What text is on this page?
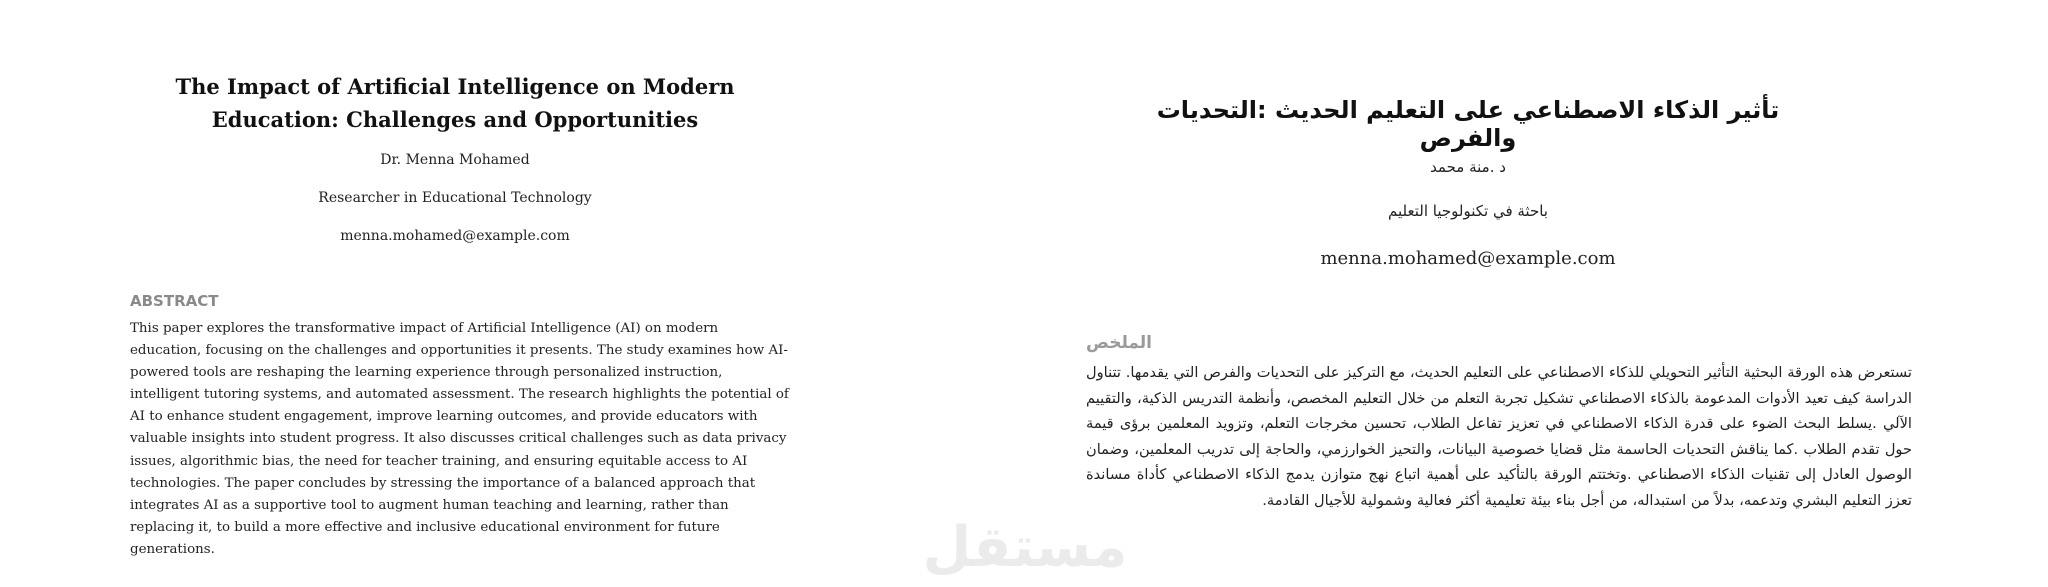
The Impact of Artificial Intelligence on Modern Education: Challenges and Opportunities
Dr. Menna Mohamed
Researcher in Educational Technology
menna.mohamed@example.com
ABSTRACT
This paper explores the transformative impact of Artificial Intelligence (AI) on modern education, focusing on the challenges and opportunities it presents. The study examines how AI-powered tools are reshaping the learning experience through personalized instruction, intelligent tutoring systems, and automated assessment. The research highlights the potential of AI to enhance student engagement, improve learning outcomes, and provide educators with valuable insights into student progress. It also discusses critical challenges such as data privacy issues, algorithmic bias, the need for teacher training, and ensuring equitable access to AI technologies. The paper concludes by stressing the importance of a balanced approach that integrates AI as a supportive tool to augment human teaching and learning, rather than replacing it, to build a more effective and inclusive educational environment for future generations.
تأثير الذكاء الاصطناعي على التعليم الحديث :التحديات والفرص
د .منة محمد
باحثة في تكنولوجيا التعليم
menna.mohamed@example.com
الملخص
تستعرض هذه الورقة البحثية التأثير التحويلي للذكاء الاصطناعي على التعليم الحديث، مع التركيز على التحديات والفرص التي يقدمها. تتناول الدراسة كيف تعيد الأدوات المدعومة بالذكاء الاصطناعي تشكيل تجربة التعلم من خلال التعليم المخصص، وأنظمة التدريس الذكية، والتقييم الآلي .يسلط البحث الضوء على قدرة الذكاء الاصطناعي في تعزيز تفاعل الطلاب، تحسين مخرجات التعلم، وتزويد المعلمين برؤى قيمة حول تقدم الطلاب .كما يناقش التحديات الحاسمة مثل قضايا خصوصية البيانات، والتحيز الخوارزمي، والحاجة إلى تدريب المعلمين، وضمان الوصول العادل إلى تقنيات الذكاء الاصطناعي .وتختتم الورقة بالتأكيد على أهمية اتباع نهج متوازن يدمج الذكاء الاصطناعي كأداة مساندة تعزز التعليم البشري وتدعمه، بدلاً من استبداله، من أجل بناء بيئة تعليمية أكثر فعالية وشمولية للأجيال القادمة.
مستقل
